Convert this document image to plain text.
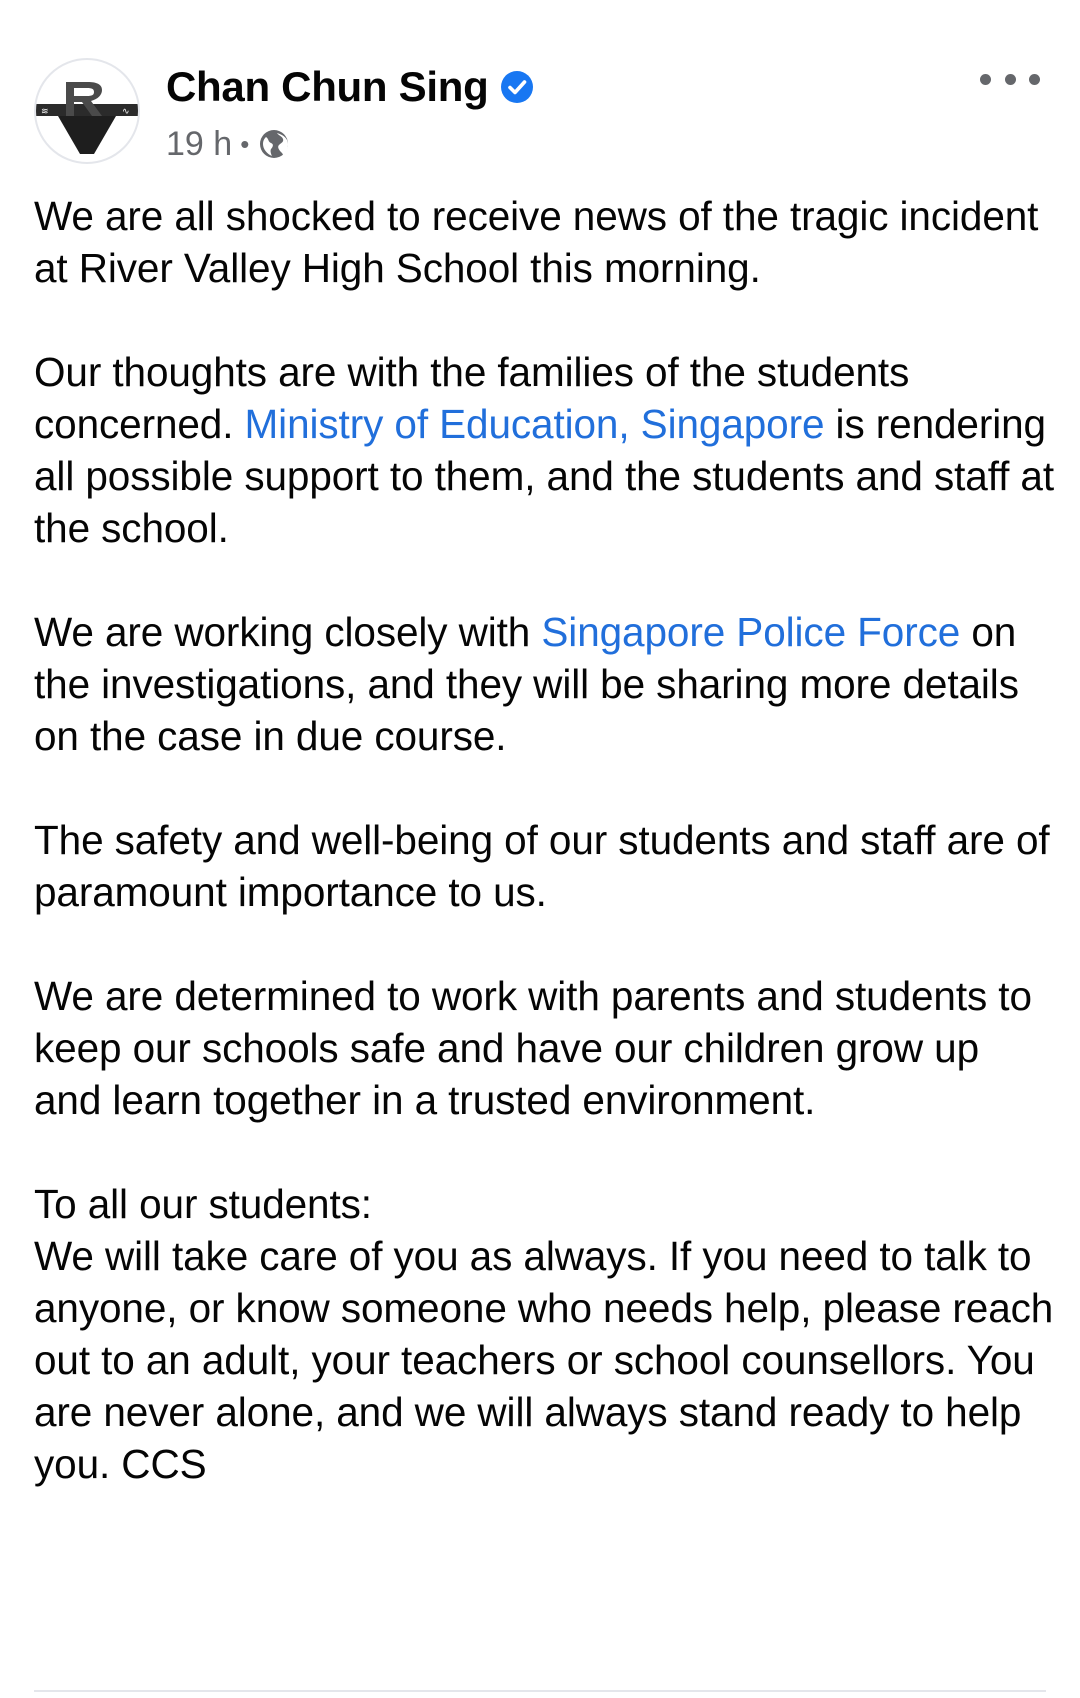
≋	∿
Chan Chun Sing
19 h •

We are all shocked to receive news of the tragic incident at River Valley High School this morning.

Our thoughts are with the families of the students concerned. Ministry of Education, Singapore is rendering all possible support to them, and the students and staff at the school.

We are working closely with Singapore Police Force on the investigations, and they will be sharing more details on the case in due course.

The safety and well-being of our students and staff are of paramount importance to us.

We are determined to work with parents and students to keep our schools safe and have our children grow up and learn together in a trusted environment.

To all our students:
We will take care of you as always. If you need to talk to anyone, or know someone who needs help, please reach out to an adult, your teachers or school counsellors. You are never alone, and we will always stand ready to help you. CCS
